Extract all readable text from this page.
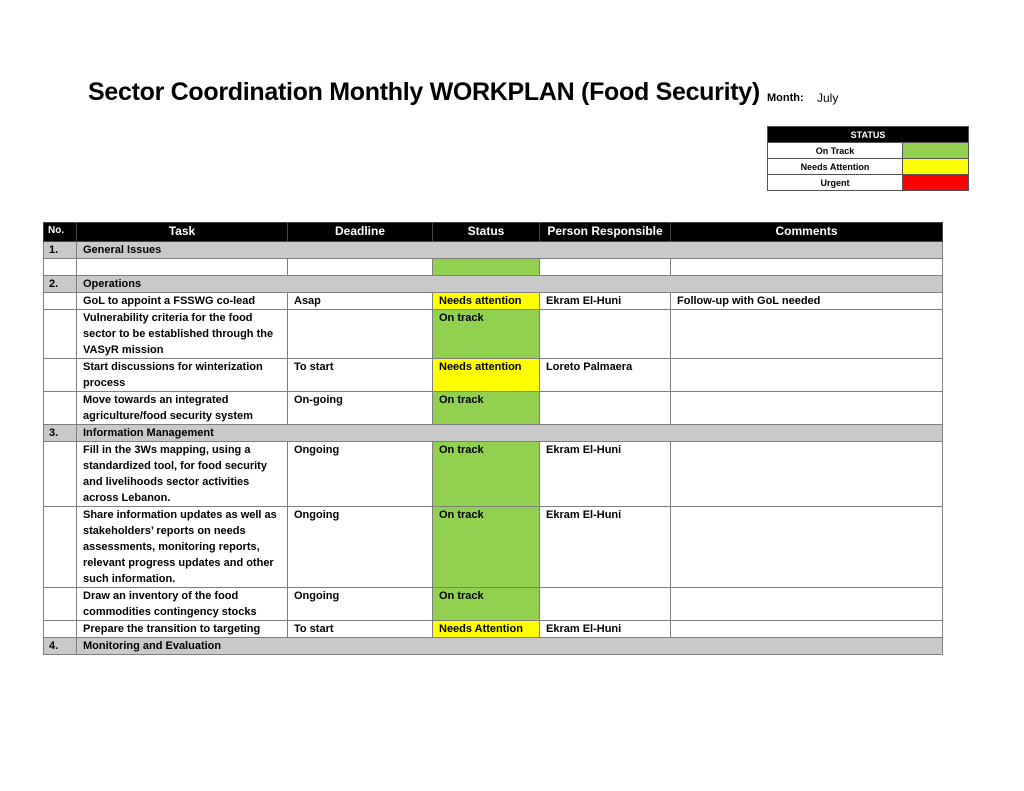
Sector Coordination Monthly WORKPLAN (Food Security) Month: July
STATUS	
On Track	
Needs Attention	
Urgent	
No.	Task	Deadline	Status	Person Responsible	Comments
1.	General Issues				

2.	Operations				
	GoL to appoint a FSSWG co-lead	Asap	Needs attention	Ekram El-Huni	Follow-up with GoL needed
	Vulnerability criteria for the food sector to be established through the VASyR mission		On track		
	Start discussions for winterization process	To start	Needs attention	Loreto Palmaera	
	Move towards an integrated agriculture/food security system	On-going	On track		
3.	Information Management				
	Fill in the 3Ws mapping, using a standardized tool, for food security and livelihoods sector activities across Lebanon.	Ongoing	On track	Ekram El-Huni	
	Share information updates as well as stakeholders’ reports on needs assessments, monitoring reports, relevant progress updates and other such information.	Ongoing	On track	Ekram El-Huni	
	Draw an inventory of the food commodities contingency stocks	Ongoing	On track		
	Prepare the transition to targeting	To start	Needs Attention	Ekram El-Huni	
4.	Monitoring and Evaluation				
